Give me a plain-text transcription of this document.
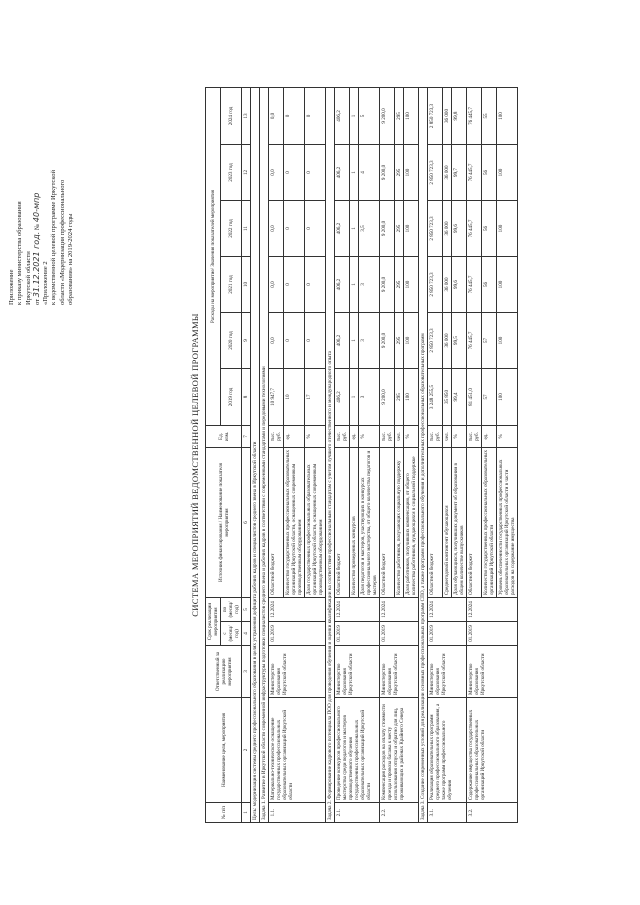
Приложение к приказу министерства образования Иркутской области от 31.12.2021 год. № 40-мпр
«Приложение 2 к ведомственной целевой программе Иркутской области «Модернизация профессионального образования» на 2019-2024 годы
СИСТЕМА МЕРОПРИЯТИЙ ВЕДОМСТВЕННОЙ ЦЕЛЕВОЙ ПРОГРАММЫ
№ п/п	Наименование цели, мероприятия	Ответственный за реализацию мероприятия	Срок реализации мероприятия		Источник финансирования / Наименование показателя мероприятия	Ед. изм.	Расходы на мероприятие/ Значения показателей мероприятия					
			с (месяц/ год)	по (месяц/ год)			2019 год	2020 год	2021 год	2022 год	2023 год	2024 год
1	2	3	4	5	6	7	8	9	10	11	12	13
Цель: модернизация системы среднего профессионального образования в целях устранения дефицита рабочих кадров и специалистов среднего звена в Иркутской области												
Задача 1. Развитие в Иркутской области современной инфраструктуры подготовки специалистов среднего звена и рабочих кадров в соответствии с современными стандартами и передовыми технологиями												
1.1.	Материально-техническое оснащение государственных профессиональных образовательных организаций Иркутской области	Министерство образования Иркутской области	01.2019	12.2024	Областной бюджет	тыс. руб.	10 947,7	0,0	0,0	0,0	0,0	0,0
					Количество государственных профессиональных образовательных организаций Иркутской области, оснащенных современным производственным оборудованием	ед.	10	0	0	0	0	0
					Доля государственных профессиональных образовательных организаций Иркутской области, оснащенных современным производственным оборудованием	%	17	0	0	0	0	0
Задача 2. Формирование кадрового потенциала ПОО для проведения обучения и оценки квалификации на соответствие профессиональным стандартам с учетом лучшего отечественного и международного опыта												
2.1.	Проведение конкурсов профессионального мастерства среди педагогов и мастеров производственного обучения государственных профессиональных образовательных организаций Иркутской области	Министерство образования Иркутской области	01.2019	12.2024	Областной бюджет	тыс. руб.	406,2	406,2	406,2	406,2	406,2	406,2
					Количество проведенных конкурсов	ед.	1	1	1	1	1	1
					Доля педагогов и мастеров, участвующих в конкурсах профессионального мастерства, от общего количества педагогов и мастеров	%	3	3	3	3,5	4	5
2.2.	Компенсация расходов на оплату стоимости проезда и провоза багажа к месту использования отпуска и обратно для лиц, проживающих в районах Крайнего Севера	Министерство образования Иркутской области	01.2019	12.2024	Областной бюджет	тыс. руб.	9 200,0	9 200,0	9 200,0	9 200,0	9 200,0	9 200,0
					Количество работников, получающих социальную поддержку	чел.	295	295	295	295	295	295
					Доля работников, получивших компенсацию, от общего количества работников, нуждающихся в социальной поддержке	%	100	100	100	100	100	100
Задача 3. Создание современных условий для реализации основных профессиональных программ СПО, а также программ профессионального обучения и дополнительных профессиональных образовательных программ												
3.1.	Реализация образовательных программ среднего профессионального образования, а также программ профессионального обучения	Министерство образования Иркутской области	01.2019	12.2024	Областной бюджет	тыс. руб.	3 248 255,5	2 850 723,3	2 850 723,3	2 850 723,3	2 850 723,3	2 850 723,3
					Среднегодовой контингент обучающихся	чел.	35 850	36 000	36 000	36 000	36 000	36 000
					Доля обучающихся, получивших документ об образовании в общем количестве выпускников	%	99,4	99,5	99,6	99,6	99,7	99,8
3.2.	Содержание имущества государственных профессиональных образовательных организаций Иркутской области	Министерство образования Иркутской области	01.2019	12.2024	Областной бюджет	тыс. руб.	81 451,0	76 445,7	76 445,7	76 445,7	76 445,7	76 445,7
					Количество государственных профессиональных образовательных организаций Иркутской области	ед.	57	57	56	56	56	55
					Уровень обеспеченности государственных профессиональных образовательных организаций Иркутской области в части расходов на содержание имущества	%	100	100	100	100	100	100
